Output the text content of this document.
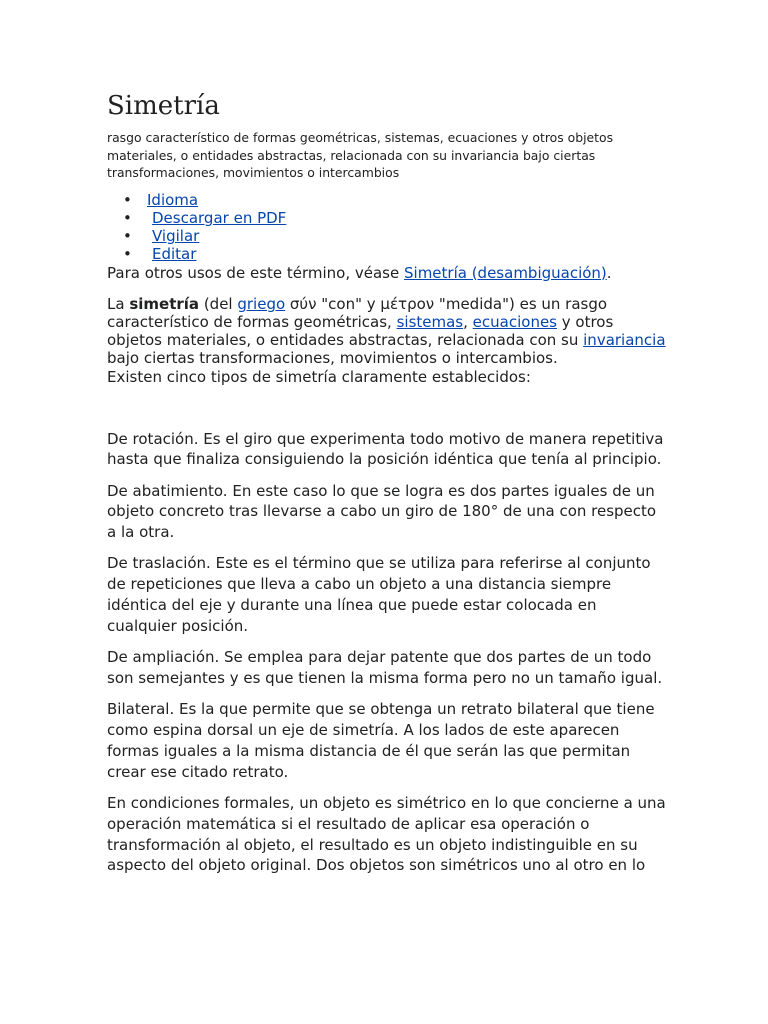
Simetría

rasgo característico de formas geométricas, sistemas, ecuaciones y otros objetos materiales, o entidades abstractas, relacionada con su invariancia bajo ciertas transformaciones, movimientos o intercambios

• Idioma
• Descargar en PDF
• Vigilar
• Editar

Para otros usos de este término, véase Simetría (desambiguación).

La simetría (del griego σύν "con" y μέτρον "medida") es un rasgo característico de formas geométricas, sistemas, ecuaciones y otros objetos materiales, o entidades abstractas, relacionada con su invariancia bajo ciertas transformaciones, movimientos o intercambios.

Existen cinco tipos de simetría claramente establecidos:

De rotación. Es el giro que experimenta todo motivo de manera repetitiva hasta que finaliza consiguiendo la posición idéntica que tenía al principio.

De abatimiento. En este caso lo que se logra es dos partes iguales de un objeto concreto tras llevarse a cabo un giro de 180° de una con respecto a la otra.

De traslación. Este es el término que se utiliza para referirse al conjunto de repeticiones que lleva a cabo un objeto a una distancia siempre idéntica del eje y durante una línea que puede estar colocada en cualquier posición.

De ampliación. Se emplea para dejar patente que dos partes de un todo son semejantes y es que tienen la misma forma pero no un tamaño igual.

Bilateral. Es la que permite que se obtenga un retrato bilateral que tiene como espina dorsal un eje de simetría. A los lados de este aparecen formas iguales a la misma distancia de él que serán las que permitan crear ese citado retrato.

En condiciones formales, un objeto es simétrico en lo que concierne a una operación matemática si el resultado de aplicar esa operación o transformación al objeto, el resultado es un objeto indistinguible en su aspecto del objeto original. Dos objetos son simétricos uno al otro en lo
